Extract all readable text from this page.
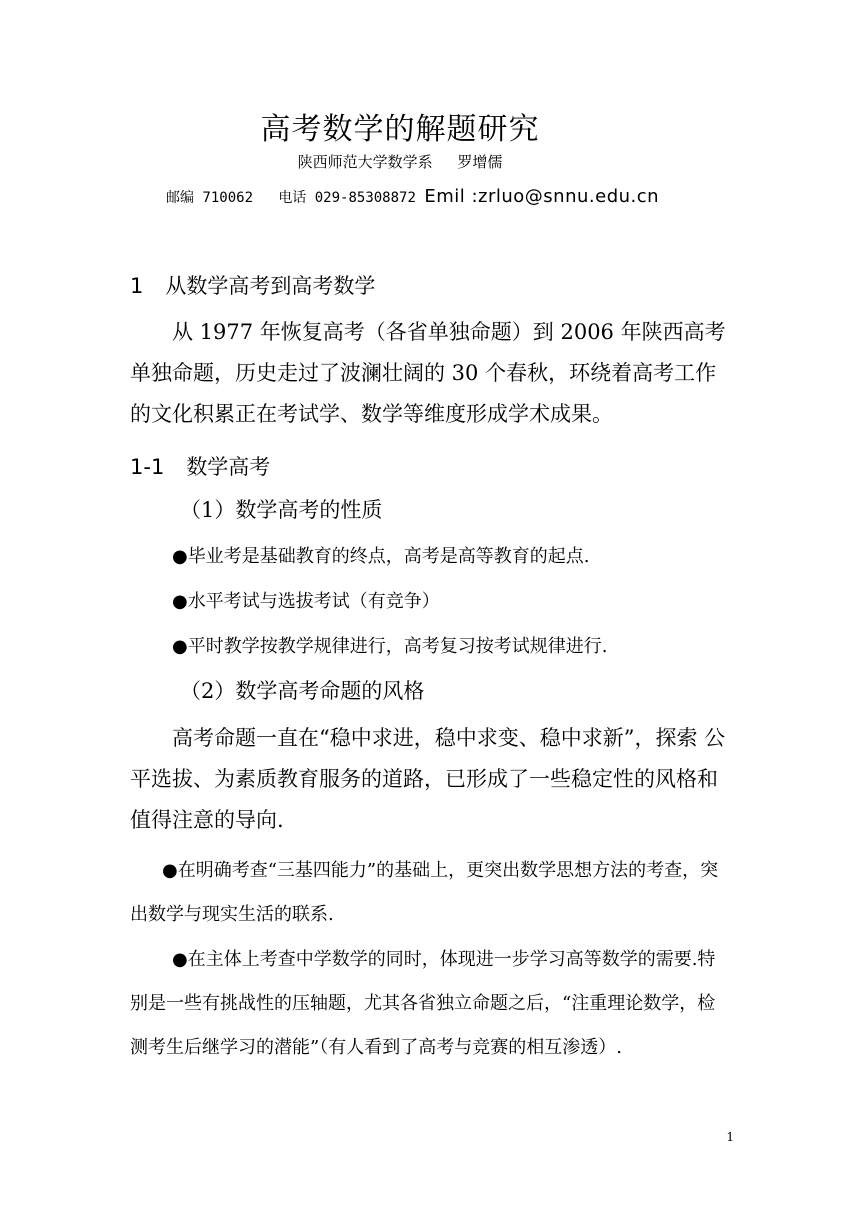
高考数学的解题研究
陕西师范大学数学系 罗增儒
邮编 710062 电话 029-85308872 Emil :zrluo@snnu.edu.cn
1 从数学高考到高考数学
从 1977 年恢复高考（各省单独命题）到 2006 年陕西高考单独命题，历史走过了波澜壮阔的 30 个春秋，环绕着高考工作的文化积累正在考试学、数学等维度形成学术成果。
1-1 数学高考
（1）数学高考的性质
●毕业考是基础教育的终点，高考是高等教育的起点.
●水平考试与选拔考试（有竞争）
●平时教学按教学规律进行，高考复习按考试规律进行.
（2）数学高考命题的风格
高考命题一直在“稳中求进，稳中求变、稳中求新”，探索 公平选拔、为素质教育服务的道路，已形成了一些稳定性的风格和值得注意的导向.
●在明确考查“三基四能力”的基础上，更突出数学思想方法的考查，突出数学与现实生活的联系.
●在主体上考查中学数学的同时，体现进一步学习高等数学的需要.特别是一些有挑战性的压轴题，尤其各省独立命题之后，“注重理论数学，检测考生后继学习的潜能”（有人看到了高考与竞赛的相互渗透）.
1
